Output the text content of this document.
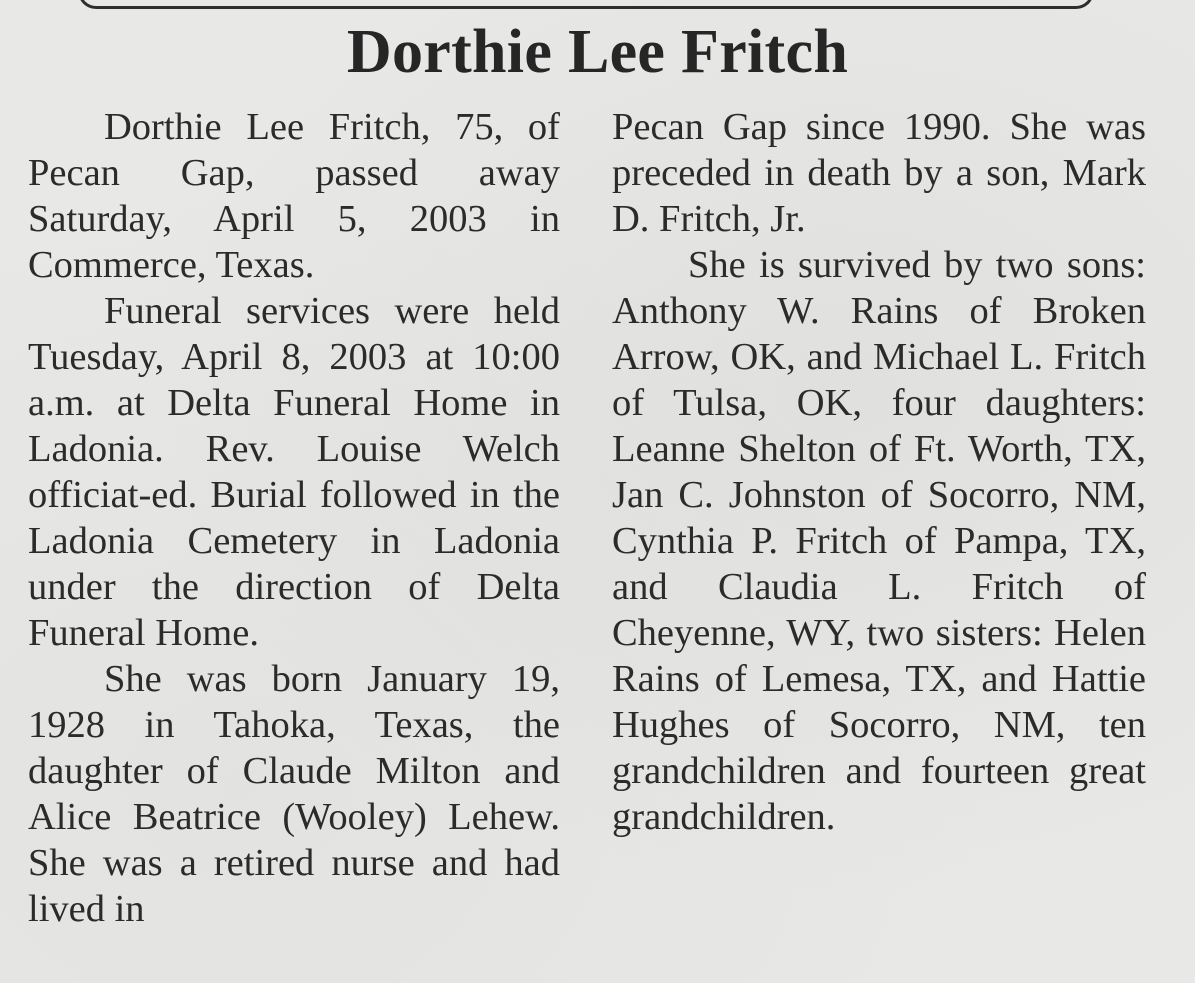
Dorthie Lee Fritch

Dorthie Lee Fritch, 75, of Pecan Gap, passed away Saturday, April 5, 2003 in Commerce, Texas.

Funeral services were held Tuesday, April 8, 2003 at 10:00 a.m. at Delta Funeral Home in Ladonia. Rev. Louise Welch officiat-ed. Burial followed in the Ladonia Cemetery in Ladonia under the direction of Delta Funeral Home.

She was born January 19, 1928 in Tahoka, Texas, the daughter of Claude Milton and Alice Beatrice (Wooley) Lehew. She was a retired nurse and had lived in

Pecan Gap since 1990. She was preceded in death by a son, Mark D. Fritch, Jr.

She is survived by two sons: Anthony W. Rains of Broken Arrow, OK, and Michael L. Fritch of Tulsa, OK, four daughters: Leanne Shelton of Ft. Worth, TX, Jan C. Johnston of Socorro, NM, Cynthia P. Fritch of Pampa, TX, and Claudia L. Fritch of Cheyenne, WY, two sisters: Helen Rains of Lemesa, TX, and Hattie Hughes of Socorro, NM, ten grandchildren and fourteen great grandchildren.
